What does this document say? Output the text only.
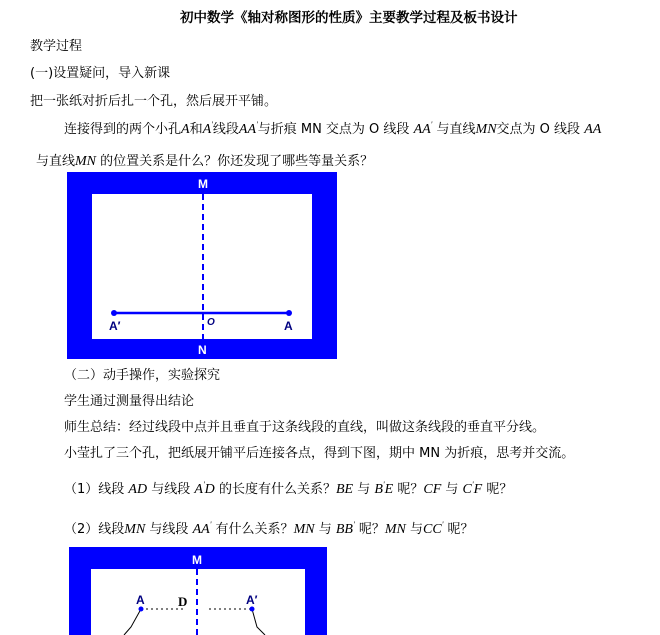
初中数学《轴对称图形的性质》主要教学过程及板书设计
教学过程
(一)设置疑问，导入新课
把一张纸对折后扎一个孔，然后展开平铺。
连接得到的两个小孔A和A'线段AA'与折痕 MN 交点为 O 线段 AA' 与直线MN交点为 O 线段 AA
与直线MN 的位置关系是什么？你还发现了哪些等量关系？
M
N
A′	A
O
（二）动手操作，实验探究
学生通过测量得出结论
师生总结：经过线段中点并且垂直于这条线段的直线，叫做这条线段的垂直平分线。
小莹扎了三个孔，把纸展开铺平后连接各点，得到下图，期中 MN 为折痕，思考并交流。
（1）线段 AD 与线段 A'D 的长度有什么关系？BE 与 B'E 呢？CF 与 C'F 呢？
（2）线段MN 与线段 AA' 有什么关系？MN 与 BB' 呢？MN 与CC' 呢？
M
A	D	A′
